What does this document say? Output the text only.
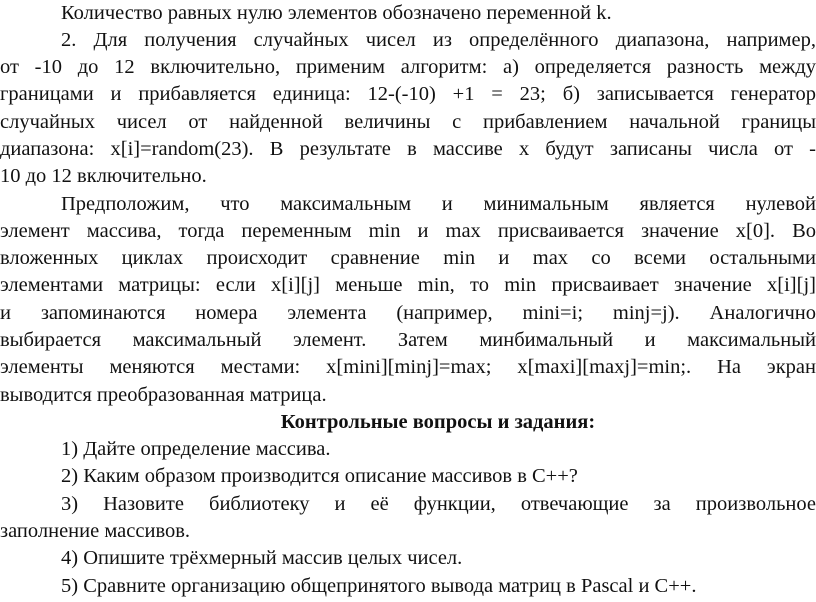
Количество равных нулю элементов обозначено переменной k.
2. Для получения случайных чисел из определённого диапазона, например,
от -10 до 12 включительно, применим алгоритм: а) определяется разность между
границами и прибавляется единица: 12-(-10) +1 = 23; б) записывается генератор
случайных чисел от найденной величины с прибавлением начальной границы
диапазона: x[i]=random(23). В результате в массиве x будут записаны числа от -
10 до 12 включительно.
Предположим, что максимальным и минимальным является нулевой
элемент массива, тогда переменным min и max присваивается значение x[0]. Во
вложенных циклах происходит сравнение min и max со всеми остальными
элементами матрицы: если x[i][j] меньше min, то min присваивает значение x[i][j]
и запоминаются номера элемента (например, mini=i; minj=j). Аналогично
выбирается максимальный элемент. Затем минбимальный и максимальный
элементы меняются местами: x[mini][minj]=max; x[maxi][maxj]=min;. На экран
выводится преобразованная матрица.
Контрольные вопросы и задания:
1) Дайте определение массива.
2) Каким образом производится описание массивов в C++?
3) Назовите библиотеку и её функции, отвечающие за произвольное
заполнение массивов.
4) Опишите трёхмерный массив целых чисел.
5) Сравните организацию общепринятого вывода матриц в Pascal и C++.
